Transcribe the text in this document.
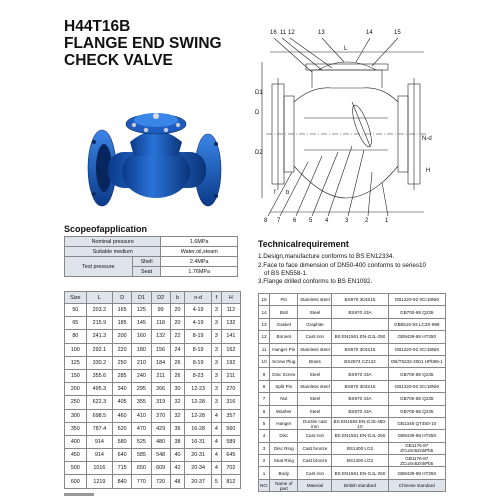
H44T16B
FLANGE END SWING
CHECK VALVE
16 11 12	13	14	15
8 7 6 5 4	3	2	1
L
D1
D
D2
b
f
H
N-d
Scopeofapplication
Nominal pressure		1.6MPa
Suitable medium		Water,oil,steam
Test pressure	Shell	2.4MPa
	Seat	1.76MPa
Size	L	D	D1	D2	b	n-d	f	H
50	203.2	165	125	99	20	4-19	3	112
65	215.9	185	145	118	20	4-19	3	132
80	241.3	200	160	132	22	8-19	3	141
100	292.1	220	180	156	24	8-19	3	162
125	330.2	250	210	184	26	8-19	3	192
150	355.6	285	240	211	26	8-23	3	211
200	495.3	340	295	266	30	12-23	3	270
250	622.3	405	355	319	32	12-28	3	316
300	698.5	460	410	370	32	12-28	4	357
350	787.4	520	470	429	36	16-28	4	560
400	914	580	525	480	38	16-31	4	589
450	914	640	585	548	40	20-31	4	645
500	1016	715	650	609	42	20-34	4	702
600	1219	840	770	720	48	20-37	5	812
Technicalrequirement
1.Design,manufacture conforms to BS EN12334.
2.Face to face dimension of DN50-400 conforms to series10
of BS EN558-1.
3.Flange drilled conforms to BS EN1092.
15	Pin	Stainless steel	BS970 304S15	GB1220-92 0Cr18Ni9
14	Bolt	Steel	BS970 43A	GB700-88 Q235
13	Gasket	Graphite		GB5516-93 LC3S-999
12	Bonnet	Cast iron	BS EN1561 EN-GJL-250	GB9439-88 HT250
11	Hanger Pin	Stainless steel	BS970 304S15	GB1220-92 0Cr18Ni9
10	Screw Plug	Brass	BS2874 CZ122	GB/T5232-2001 HPb59-1
9	Disc Screw	Steel	BS970 43A	GB700-88 Q235
8	Split Pin	Stainless steel	BS970 304S15	GB1220-92 0Cr18Ni9
7	Nut	Steel	BS970 43A	GB700-88 Q235
6	Washer	Steel	BS970 43A	GB700-88 Q235
5	Hanger	Ductile cast iron	BS EN1563 EN-GJS-450-10	GB1348 QT450-10
4	Disc	Cast iron	BS EN1561 EN-GJL-250	GB9439-88 HT250
3	Disc Ring	Cast bronze	BS1400 LG2	GB1176-87 ZCuSn5Zn5Pb5
2	Seat Ring	Cast bronze	BS1400 LG2	GB1176-87 ZCuSn5Zn5Pb5
1	Body	Cast iron	BS EN1561 EN-GJL-250	GB9439-88 HT250
NO.	Name of part	Material	British standard	Chinese standard
